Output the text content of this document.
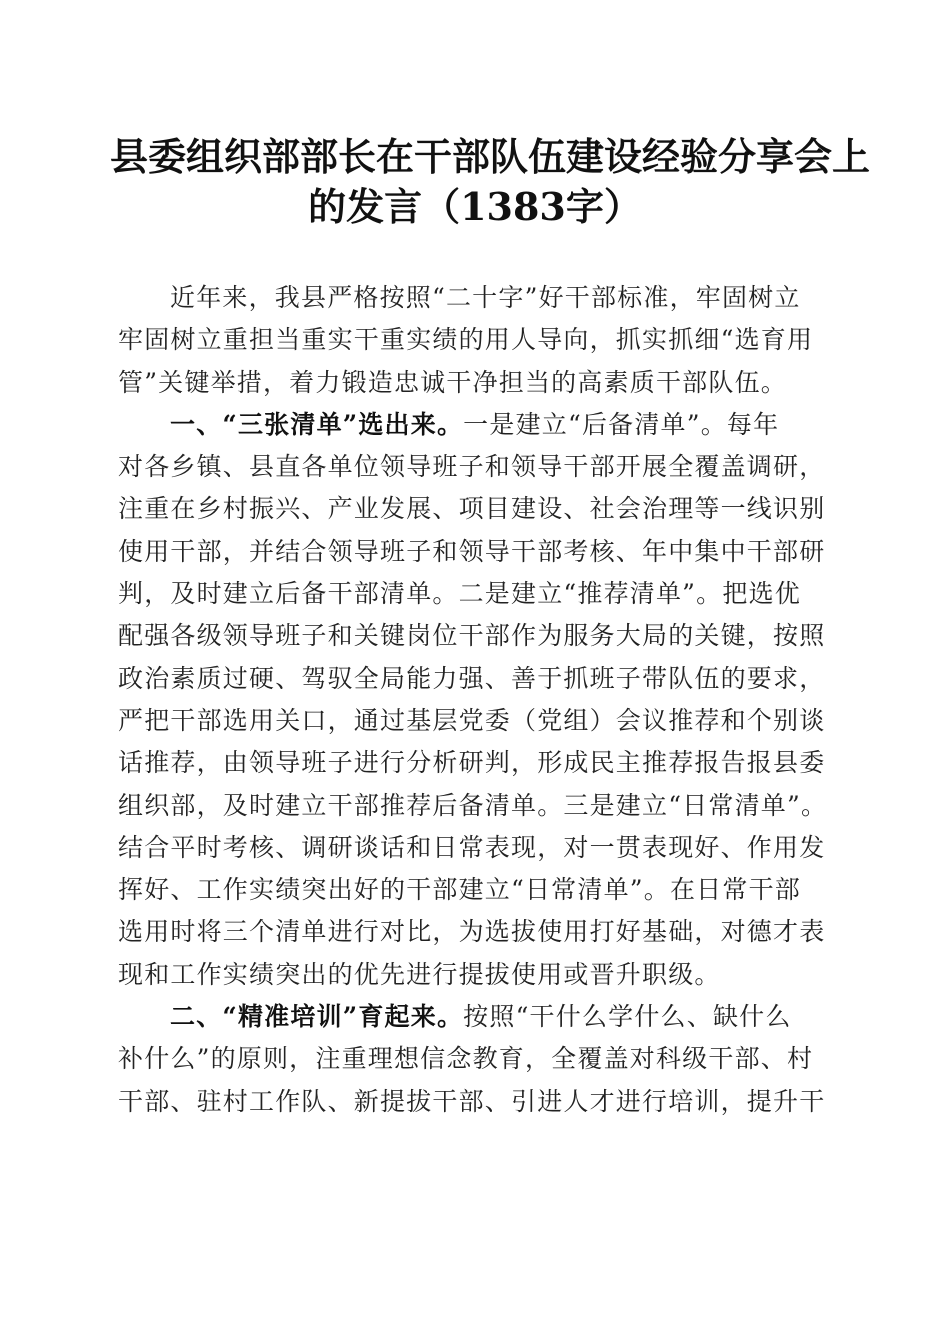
县委组织部部长在干部队伍建设经验分享会上
的发言（1383字）
近年来，我县严格按照“二十字”好干部标准，牢固树立
牢固树立重担当重实干重实绩的用人导向，抓实抓细“选育用
管”关键举措，着力锻造忠诚干净担当的高素质干部队伍。
一、“三张清单”选出来。一是建立“后备清单”。每年
对各乡镇、县直各单位领导班子和领导干部开展全覆盖调研，
注重在乡村振兴、产业发展、项目建设、社会治理等一线识别
使用干部，并结合领导班子和领导干部考核、年中集中干部研
判，及时建立后备干部清单。二是建立“推荐清单”。把选优
配强各级领导班子和关键岗位干部作为服务大局的关键，按照
政治素质过硬、驾驭全局能力强、善于抓班子带队伍的要求，
严把干部选用关口，通过基层党委（党组）会议推荐和个别谈
话推荐，由领导班子进行分析研判，形成民主推荐报告报县委
组织部，及时建立干部推荐后备清单。三是建立“日常清单”。
结合平时考核、调研谈话和日常表现，对一贯表现好、作用发
挥好、工作实绩突出好的干部建立“日常清单”。在日常干部
选用时将三个清单进行对比，为选拔使用打好基础，对德才表
现和工作实绩突出的优先进行提拔使用或晋升职级。
二、“精准培训”育起来。按照“干什么学什么、缺什么
补什么”的原则，注重理想信念教育，全覆盖对科级干部、村
干部、驻村工作队、新提拔干部、引进人才进行培训，提升干
